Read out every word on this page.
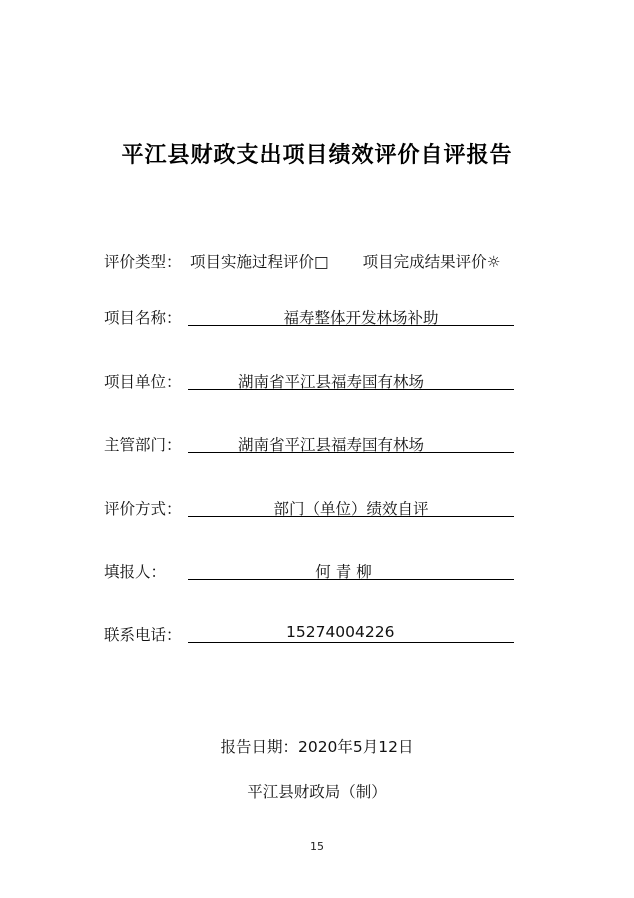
平江县财政支出项目绩效评价自评报告
评价类型： 项目实施过程评价□ 项目完成结果评价☼
项目名称：	福寿整体开发林场补助
项目单位：	湖南省平江县福寿国有林场
主管部门：	湖南省平江县福寿国有林场
评价方式：	部门（单位）绩效自评
填报人：	何青柳
联系电话：	15274004226
报告日期：2020年5月12日
平江县财政局（制）
15
